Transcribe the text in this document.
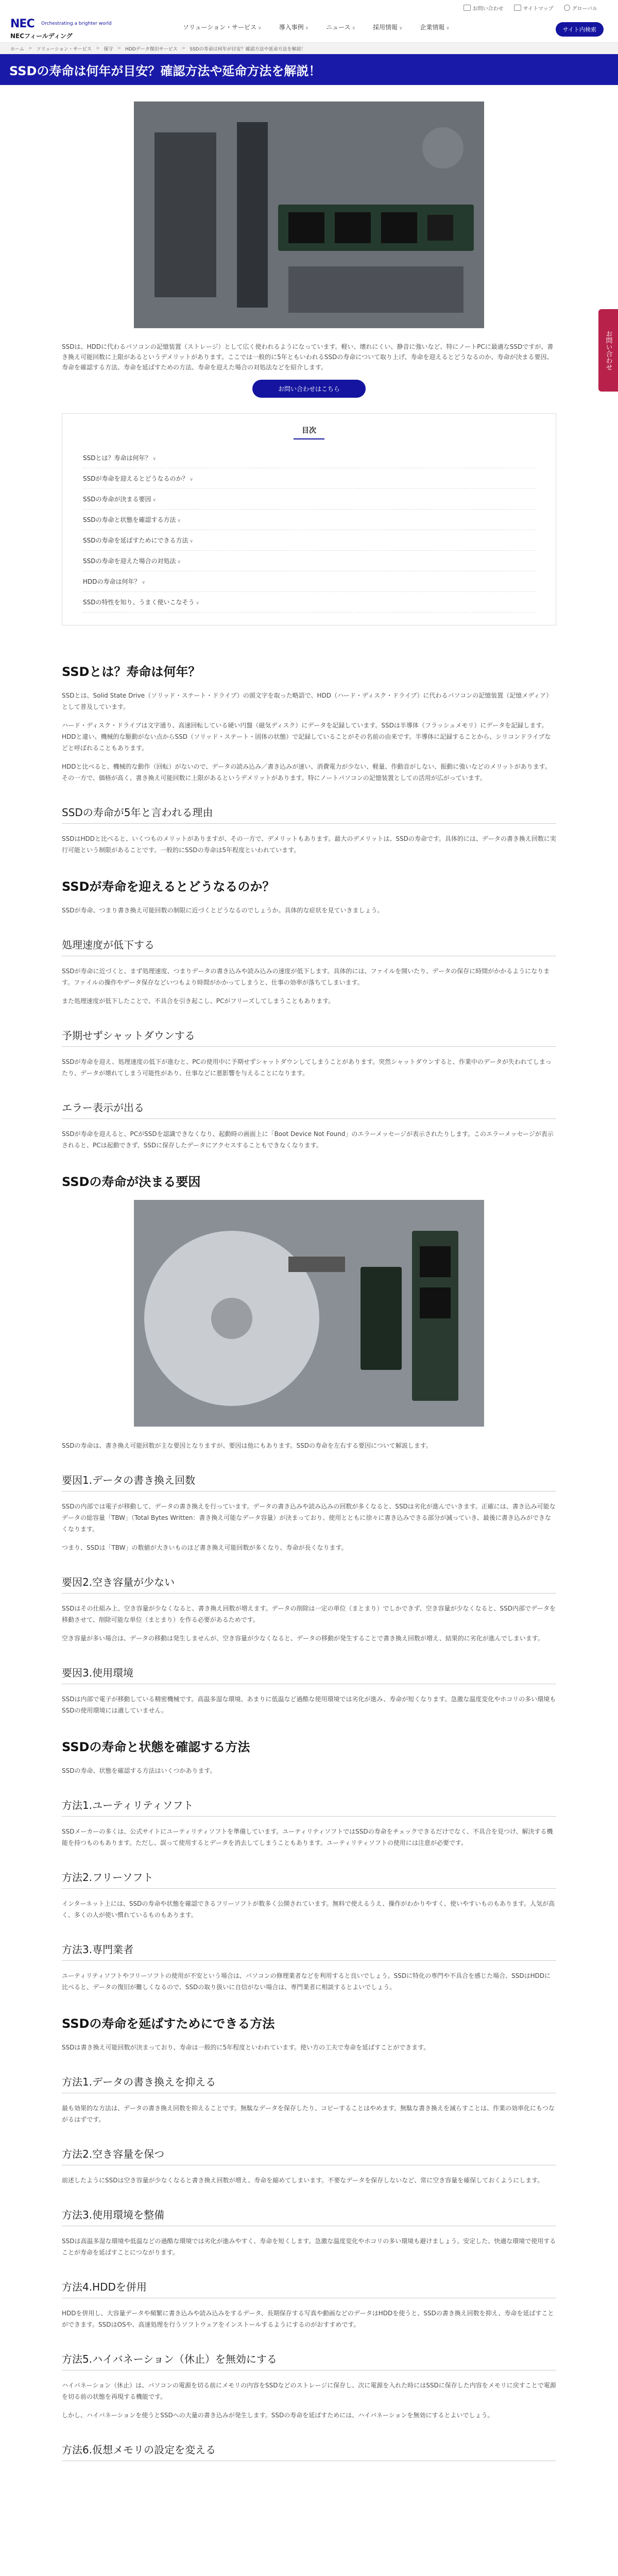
お問い合わせ	サイトマップ	グローバル
NEC	Orchestrating a brighter world
NECフィールディング
ソリューション・サービス ∨	導入事例 ∨	ニュース ∨	採用情報 ∨	企業情報 ∨	サイト内検索
ホーム > ソリューション・サービス > 保守 > HDDデータ復旧サービス > SSDの寿命は何年が目安？確認方法や延命方法を解説！
SSDの寿命は何年が目安？確認方法や延命方法を解説！
お問い合わせ

SSDは、HDDに代わるパソコンの記憶装置（ストレージ）として広く使われるようになっています。軽い、壊れにくい、静音に強いなど、特にノートPCに最適なSSDですが、書き換え可能回数に上限があるというデメリットがあります。ここでは一般的に5年ともいわれるSSDの寿命について取り上げ、寿命を迎えるとどうなるのか、寿命が決まる要因、寿命を確認する方法、寿命を延ばすための方法、寿命を迎えた場合の対処法などを紹介します。

お問い合わせはこちら
目次
SSDとは？寿命は何年？ ∨
SSDが寿命を迎えるとどうなるのか？ ∨
SSDの寿命が決まる要因 ∨
SSDの寿命と状態を確認する方法 ∨
SSDの寿命を延ばすためにできる方法 ∨
SSDの寿命を迎えた場合の対処法 ∨
HDDの寿命は何年？ ∨
SSDの特性を知り、うまく使いこなそう ∨
SSDとは？寿命は何年？

SSDとは、Solid State Drive（ソリッド・ステート・ドライブ）の頭文字を取った略語で、HDD（ハード・ディスク・ドライブ）に代わるパソコンの記憶装置（記憶メディア）として普及しています。

ハード・ディスク・ドライブは文字通り、高速回転している硬い円盤（磁気ディスク）にデータを記録しています。SSDは半導体（フラッシュメモリ）にデータを記録します。HDDと違い、機械的な駆動がない点からSSD（ソリッド・ステート・固体の状態）で記録していることがその名前の由来です。半導体に記録することから、シリコンドライブなどと呼ばれることもあります。

HDDと比べると、機械的な動作（回転）がないので、データの読み込み／書き込みが速い、消費電力が少ない、軽量、作動音がしない、振動に強いなどのメリットがあります。その一方で、価格が高く、書き換え可能回数に上限があるというデメリットがあります。特にノートパソコンの記憶装置としての活用が広がっています。

SSDの寿命が5年と言われる理由

SSDはHDDと比べると、いくつものメリットがありますが、その一方で、デメリットもあります。最大のデメリットは、SSDの寿命です。具体的には、データの書き換え回数に実行可能という制限があることです。一般的にSSDの寿命は5年程度といわれています。

SSDが寿命を迎えるとどうなるのか？

SSDが寿命、つまり書き換え可能回数の制限に近づくとどうなるのでしょうか。具体的な症状を見ていきましょう。

処理速度が低下する

SSDが寿命に近づくと、まず処理速度、つまりデータの書き込みや読み込みの速度が低下します。具体的には、ファイルを開いたり、データの保存に時間がかかるようになります。ファイルの操作やデータ保存などいつもより時間がかかってしまうと、仕事の効率が落ちてしまいます。

また処理速度が低下したことで、不具合を引き起こし、PCがフリーズしてしまうこともあります。

予期せずシャットダウンする

SSDが寿命を迎え、処理速度の低下が進むと、PCの使用中に予期せずシャットダウンしてしまうことがあります。突然シャットダウンすると、作業中のデータが失われてしまったり、データが壊れてしまう可能性があり、仕事などに悪影響を与えることになります。

エラー表示が出る

SSDが寿命を迎えると、PCがSSDを認識できなくなり、起動時の画面上に「Boot Device Not Found」のエラーメッセージが表示されたりします。このエラーメッセージが表示されると、PCは起動できず、SSDに保存したデータにアクセスすることもできなくなります。

SSDの寿命が決まる要因

SSDの寿命は、書き換え可能回数が主な要因となりますが、要因は他にもあります。SSDの寿命を左右する要因について解説します。

要因1.データの書き換え回数

SSDの内部では電子が移動して、データの書き換えを行っています。データの書き込みや読み込みの回数が多くなると、SSDは劣化が進んでいきます。正確には、書き込み可能なデータの総容量「TBW」（Total Bytes Written：書き換え可能なデータ容量）が決まっており、使用とともに徐々に書き込みできる部分が減っていき、最後に書き込みができなくなります。

つまり、SSDは「TBW」の数値が大きいものほど書き換え可能回数が多くなり、寿命が長くなります。

要因2.空き容量が少ない

SSDはその仕組み上、空き容量が少なくなると、書き換え回数が増えます。データの削除は一定の単位（まとまり）でしかできず、空き容量が少なくなると、SSD内部でデータを移動させて、削除可能な単位（まとまり）を作る必要があるためです。

空き容量が多い場合は、データの移動は発生しませんが、空き容量が少なくなると、データの移動が発生することで書き換え回数が増え、結果的に劣化が進んでしまいます。

要因3.使用環境

SSDは内部で電子が移動している精密機械です。高温多湿な環境、あまりに低温など過酷な使用環境では劣化が進み、寿命が短くなります。急激な温度変化やホコリの多い環境もSSDの使用環境には適していません。

SSDの寿命と状態を確認する方法

SSDの寿命、状態を確認する方法はいくつかあります。

方法1.ユーティリティソフト

SSDメーカーの多くは、公式サイトにユーティリティソフトを準備しています。ユーティリティソフトではSSDの寿命をチェックできるだけでなく、不具合を見つけ、解決する機能を持つものもあります。ただし、誤って使用するとデータを消去してしまうこともあります。ユーティリティソフトの使用には注意が必要です。

方法2.フリーソフト

インターネット上には、SSDの寿命や状態を確認できるフリーソフトが数多く公開されています。無料で使えるうえ、操作がわかりやすく、使いやすいものもあります。人気が高く、多くの人が使い慣れているものもあります。

方法3.専門業者

ユーティリティソフトやフリーソフトの使用が不安という場合は、パソコンの修理業者などを利用すると良いでしょう。SSDに特化の専門や不具合を感じた場合、SSDはHDDに比べると、データの復旧が難しくなるので、SSDの取り扱いに自信がない場合は、専門業者に相談するとよいでしょう。

SSDの寿命を延ばすためにできる方法

SSDは書き換え可能回数が決まっており、寿命は一般的に5年程度といわれています。使い方の工夫で寿命を延ばすことができます。

方法1.データの書き換えを抑える

最も効果的な方法は、データの書き換え回数を抑えることです。無駄なデータを保存したり、コピーすることはやめます。無駄な書き換えを減らすことは、作業の効率化にもつながるはずです。

方法2.空き容量を保つ

前述したようにSSDは空き容量が少なくなると書き換え回数が増え、寿命を縮めてしまいます。不要なデータを保存しないなど、常に空き容量を確保しておくようにします。

方法3.使用環境を整備

SSDは高温多湿な環境や低温などの過酷な環境では劣化が進みやすく、寿命を短くします。急激な温度変化やホコリの多い環境も避けましょう。安定した、快適な環境で使用することが寿命を延ばすことにつながります。

方法4.HDDを併用

HDDを併用し、大容量データや頻繁に書き込みや読み込みをするデータ、長期保存する写真や動画などのデータはHDDを使うと、SSDの書き換え回数を抑え、寿命を延ばすことができます。SSDはOSや、高速処理を行うソフトウェアをインストールするようにするのがおすすめです。

方法5.ハイバネーション（休止）を無効にする

ハイバネーション（休止）は、パソコンの電源を切る前にメモリの内容をSSDなどのストレージに保存し、次に電源を入れた時にはSSDに保存した内容をメモリに戻すことで電源を切る前の状態を再現する機能です。

しかし、ハイバネーションを使うとSSDへの大量の書き込みが発生します。SSDの寿命を延ばすためには、ハイバネーションを無効にするとよいでしょう。

方法6.仮想メモリの設定を変える
